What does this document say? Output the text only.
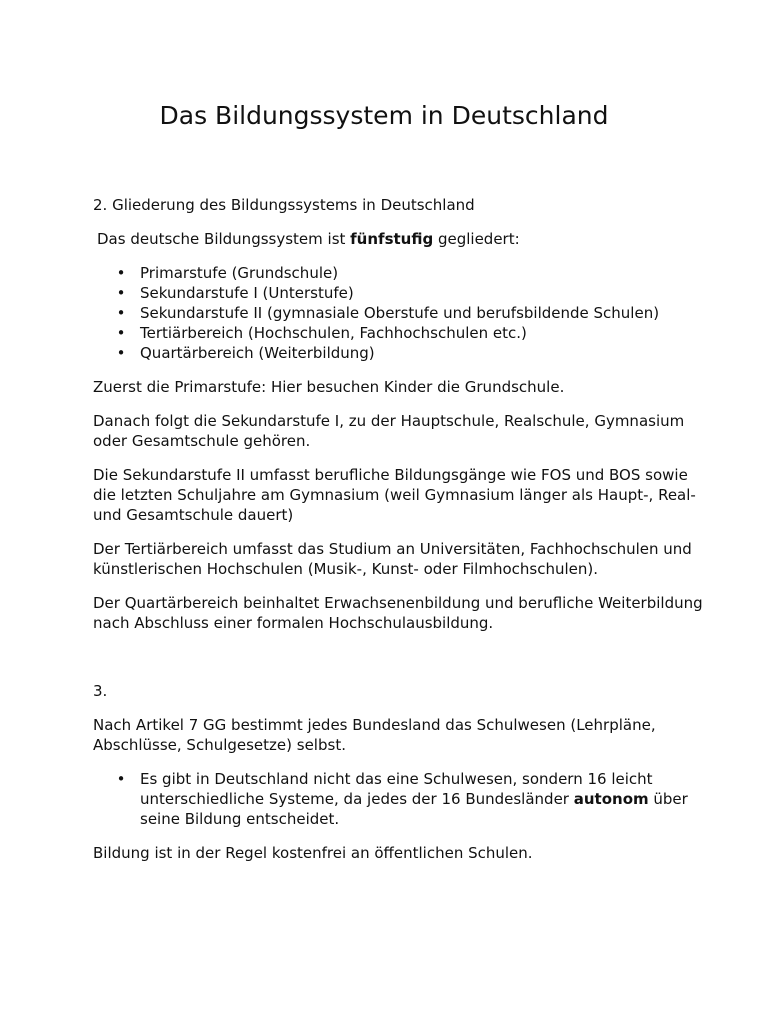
Das Bildungssystem in Deutschland

2. Gliederung des Bildungssystems in Deutschland

Das deutsche Bildungssystem ist fünfstufig gegliedert:

• Primarstufe (Grundschule)
• Sekundarstufe I (Unterstufe)
• Sekundarstufe II (gymnasiale Oberstufe und berufsbildende Schulen)
• Tertiärbereich (Hochschulen, Fachhochschulen etc.)
• Quartärbereich (Weiterbildung)

Zuerst die Primarstufe: Hier besuchen Kinder die Grundschule.

Danach folgt die Sekundarstufe I, zu der Hauptschule, Realschule, Gymnasium oder Gesamtschule gehören.

Die Sekundarstufe II umfasst berufliche Bildungsgänge wie FOS und BOS sowie die letzten Schuljahre am Gymnasium (weil Gymnasium länger als Haupt-, Real- und Gesamtschule dauert)

Der Tertiärbereich umfasst das Studium an Universitäten, Fachhochschulen und künstlerischen Hochschulen (Musik-, Kunst- oder Filmhochschulen).

Der Quartärbereich beinhaltet Erwachsenenbildung und berufliche Weiterbildung nach Abschluss einer formalen Hochschulausbildung.

3.

Nach Artikel 7 GG bestimmt jedes Bundesland das Schulwesen (Lehrpläne, Abschlüsse, Schulgesetze) selbst.

• Es gibt in Deutschland nicht das eine Schulwesen, sondern 16 leicht unterschiedliche Systeme, da jedes der 16 Bundesländer autonom über seine Bildung entscheidet.

Bildung ist in der Regel kostenfrei an öffentlichen Schulen.
